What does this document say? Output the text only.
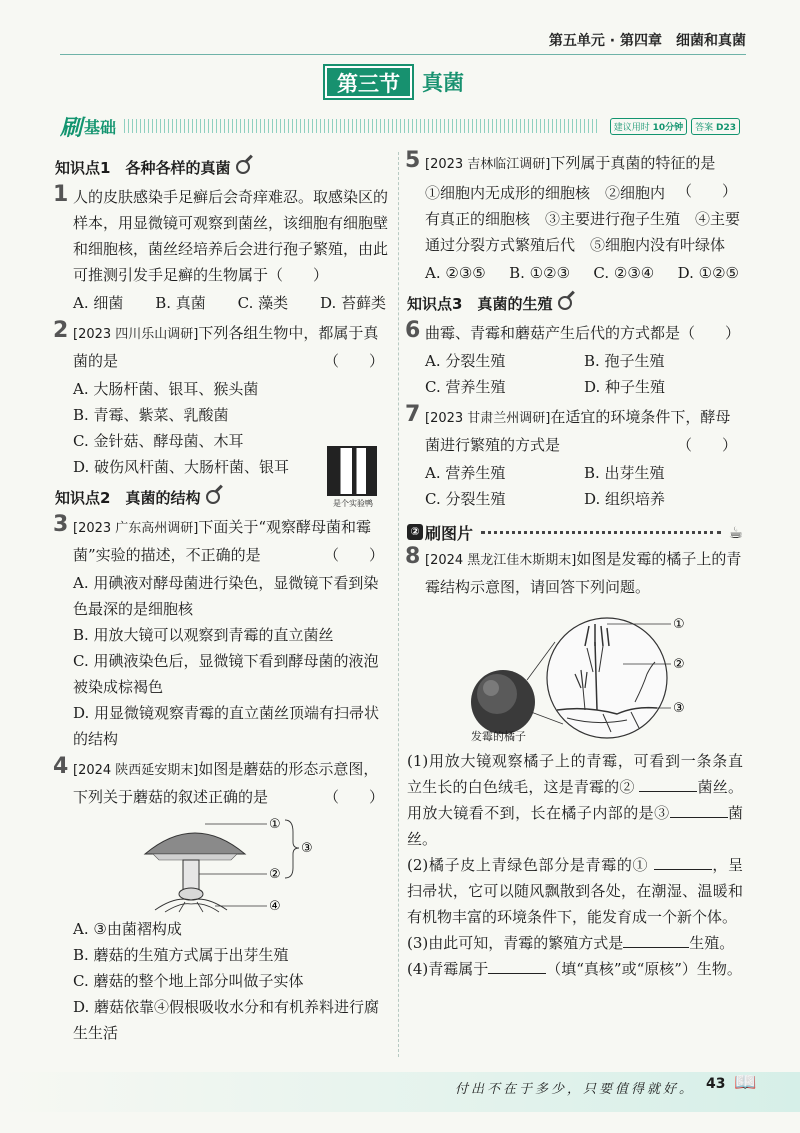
第五单元 · 第四章　细菌和真菌
第三节	真菌
刷 基础	建议用时 10分钟	答案 D23
知识点1　各种各样的真菌
1 人的皮肤感染手足癣后会奇痒难忍。取感染区的样本，用显微镜可观察到菌丝，该细胞有细胞壁和细胞核，菌丝经培养后会进行孢子繁殖，由此可推测引发手足癣的生物属于（　　）
A. 细菌 B. 真菌 C. 藻类 D. 苔藓类
2 [2023 四川乐山调研]下列各组生物中，都属于真菌的是	（　　）
A. 大肠杆菌、银耳、猴头菌
B. 青霉、紫菜、乳酸菌
C. 金针菇、酵母菌、木耳
D. 破伤风杆菌、大肠杆菌、银耳
是个实验鸭
知识点2　真菌的结构
3 [2023 广东高州调研]下面关于“观察酵母菌和霉菌”实验的描述，不正确的是	（　　）
A. 用碘液对酵母菌进行染色，显微镜下看到染色最深的是细胞核
B. 用放大镜可以观察到青霉的直立菌丝
C. 用碘液染色后，显微镜下看到酵母菌的液泡被染成棕褐色
D. 用显微镜观察青霉的直立菌丝顶端有扫帚状的结构
4 [2024 陕西延安期末]如图是蘑菇的形态示意图，下列关于蘑菇的叙述正确的是	（　　）
①
②
③
④
A. ③由菌褶构成
B. 蘑菇的生殖方式属于出芽生殖
C. 蘑菇的整个地上部分叫做子实体
D. 蘑菇依靠④假根吸收水分和有机养料进行腐生生活
5 [2023 吉林临江调研]下列属于真菌的特征的是
（　　）
①细胞内无成形的细胞核　②细胞内有真正的细胞核　③主要进行孢子生殖　④主要通过分裂方式繁殖后代　⑤细胞内没有叶绿体
A. ②③⑤ B. ①②③ C. ②③④ D. ①②⑤
知识点3　真菌的生殖
6 曲霉、青霉和蘑菇产生后代的方式都是（　　）
A. 分裂生殖	B. 孢子生殖
C. 营养生殖	D. 种子生殖
7 [2023 甘肃兰州调研]在适宜的环境条件下，酵母菌进行繁殖的方式是	（　　）
A. 营养生殖	B. 出芽生殖
C. 分裂生殖	D. 组织培养
② 刷图片	☕
8 [2024 黑龙江佳木斯期末]如图是发霉的橘子上的青霉结构示意图，请回答下列问题。
①
②
③
发霉的橘子
(1)用放大镜观察橘子上的青霉，可看到一条条直立生长的白色绒毛，这是青霉的②	菌丝。用放大镜看不到，长在橘子内部的是③	菌丝。
(2)橘子皮上青绿色部分是青霉的①	，呈扫帚状，它可以随风飘散到各处，在潮湿、温暖和有机物丰富的环境条件下，能发育成一个新个体。
(3)由此可知，青霉的繁殖方式是	生殖。
(4)青霉属于	（填“真核”或“原核”）生物。
付出不在于多少，只要值得就好。 43 📖
